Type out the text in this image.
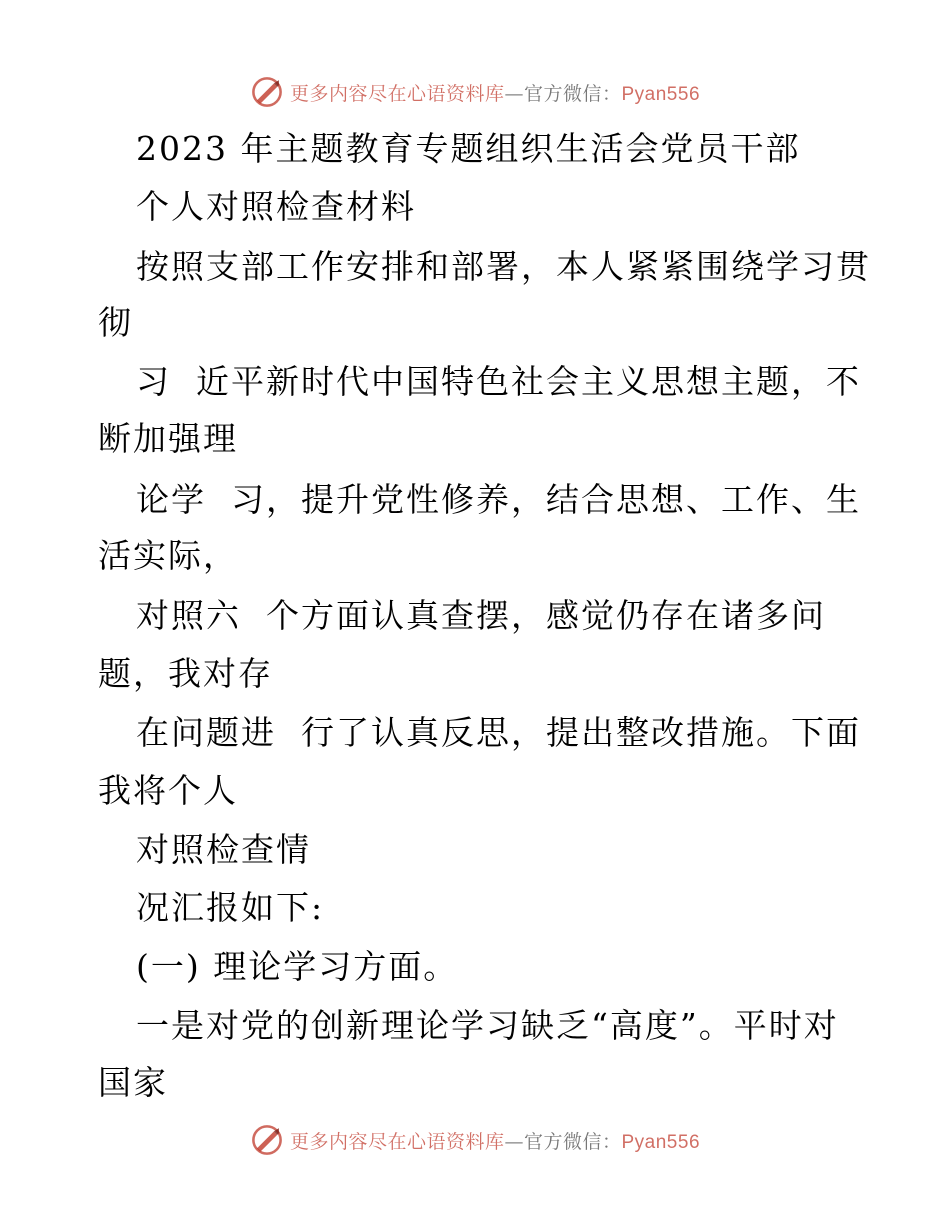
更多内容尽在心语资料库—官方微信：Pyan556
2023 年主题教育专题组织生活会党员干部
个人对照检查材料
按照支部工作安排和部署，本人紧紧围绕学习贯
彻
习  近平新时代中国特色社会主义思想主题，不
断加强理
论学  习，提升党性修养，结合思想、工作、生
活实际，
对照六  个方面认真查摆，感觉仍存在诸多问
题，我对存
在问题进  行了认真反思，提出整改措施。下面
我将个人
对照检查情
况汇报如下:
(一) 理论学习方面。
一是对党的创新理论学习缺乏“高度”。平时对
国家
更多内容尽在心语资料库—官方微信：Pyan556
